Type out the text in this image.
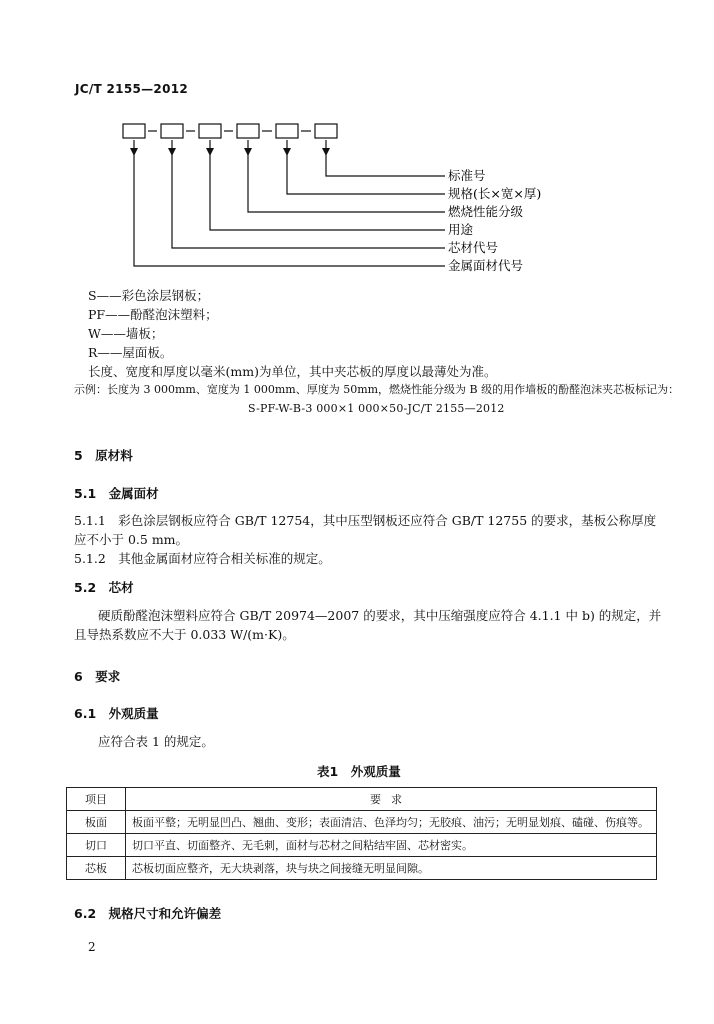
JC/T 2155—2012
标准号
规格(长×宽×厚)
燃烧性能分级
用途
芯材代号
金属面材代号
S——彩色涂层钢板；
PF——酚醛泡沫塑料；
W——墙板；
R——屋面板。
长度、宽度和厚度以毫米(mm)为单位，其中夹芯板的厚度以最薄处为准。
示例：长度为 3 000mm、宽度为 1 000mm、厚度为 50mm，燃烧性能分级为 B 级的用作墙板的酚醛泡沫夹芯板标记为：
S-PF-W-B-3 000×1 000×50-JC/T 2155—2012
5　原材料
5.1　金属面材
5.1.1　彩色涂层钢板应符合 GB/T 12754，其中压型钢板还应符合 GB/T 12755 的要求，基板公称厚度
应不小于 0.5 mm。
5.1.2　其他金属面材应符合相关标准的规定。
5.2　芯材
硬质酚醛泡沫塑料应符合 GB/T 20974—2007 的要求，其中压缩强度应符合 4.1.1 中 b) 的规定，并
且导热系数应不大于 0.033 W/(m·K)。
6　要求
6.1　外观质量
应符合表 1 的规定。
表1　外观质量
项目	要求
板面	板面平整；无明显凹凸、翘曲、变形；表面清洁、色泽均匀；无胶痕、油污；无明显划痕、磕碰、伤痕等。
切口	切口平直、切面整齐、无毛刺，面材与芯材之间粘结牢固、芯材密实。
芯板	芯板切面应整齐，无大块剥落，块与块之间接缝无明显间隙。
6.2　规格尺寸和允许偏差
2
